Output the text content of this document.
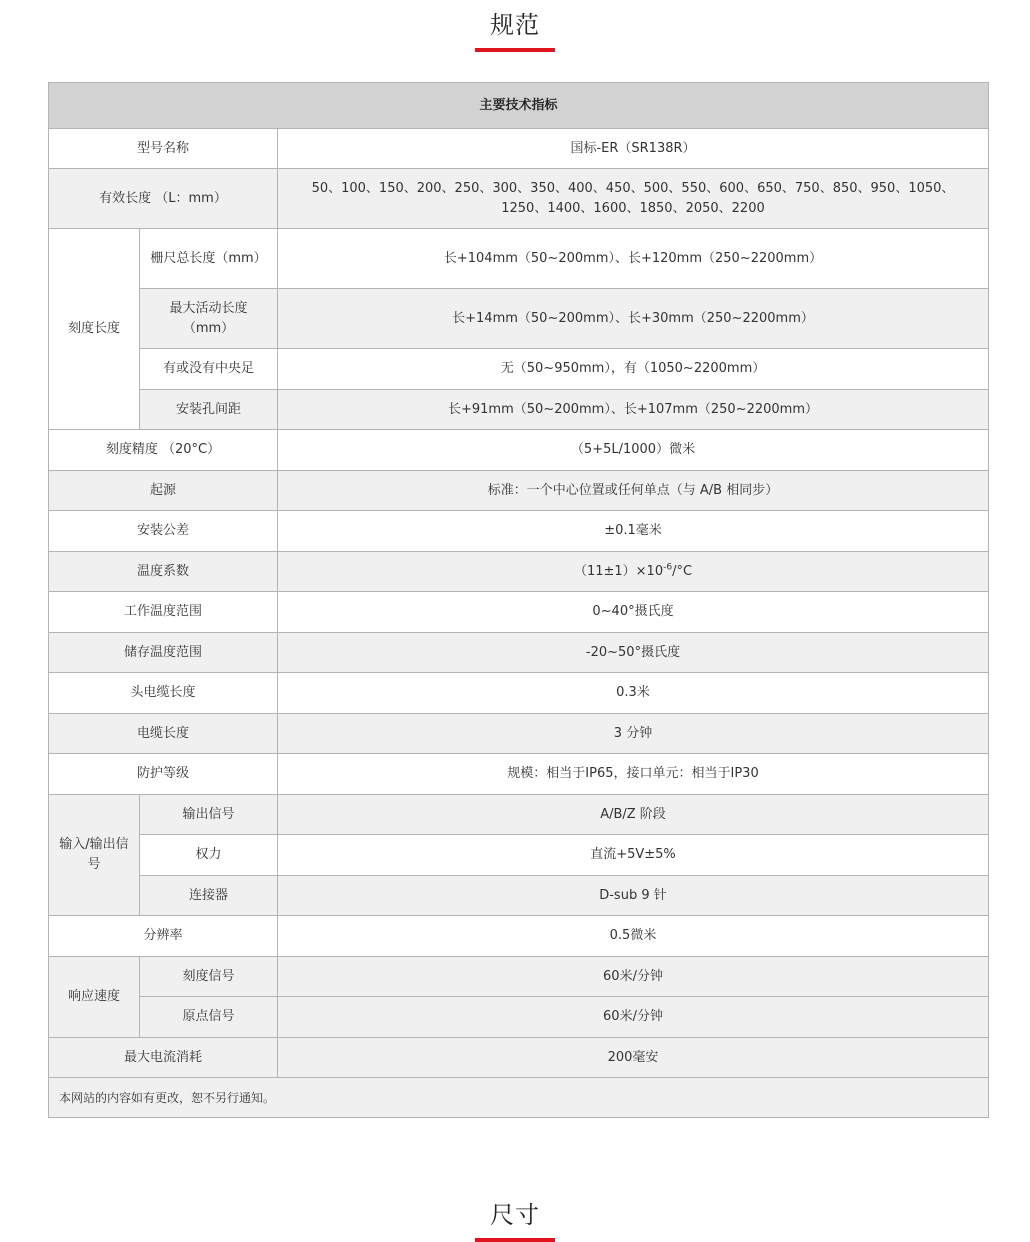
规范
主要技术指标		
型号名称		国标-ER（SR138R）
有效长度 （L：mm）		50、100、150、200、250、300、350、400、450、500、550、600、650、750、850、950、1050、1250、1400、1600、1850、2050、2200
刻度长度	栅尺总长度（mm）	长+104mm（50~200mm）、长+120mm（250~2200mm）
	最大活动长度（mm）	长+14mm（50~200mm）、长+30mm（250~2200mm）
	有或没有中央足	无（50~950mm），有（1050~2200mm）
	安装孔间距	长+91mm（50~200mm）、长+107mm（250~2200mm）
刻度精度 （20°C）		（5+5L/1000）微米
起源		标准：一个中心位置或任何单点（与 A/B 相同步）
安装公差		±0.1毫米
温度系数		$(11\pm 1)\times 10^{-6}/^\circ C$
工作温度范围		0~40°摄氏度
储存温度范围		-20~50°摄氏度
头电缆长度		0.3米
电缆长度		3 分钟
防护等级		规模：相当于IP65，接口单元：相当于IP30
输入/输出信号	输出信号	A/B/Z 阶段
	权力	直流+5V±5%
	连接器	D-sub 9 针
分辨率		0.5微米
响应速度	刻度信号	60米/分钟
	原点信号	60米/分钟
最大电流消耗		200毫安
本网站的内容如有更改，恕不另行通知。		
尺寸
